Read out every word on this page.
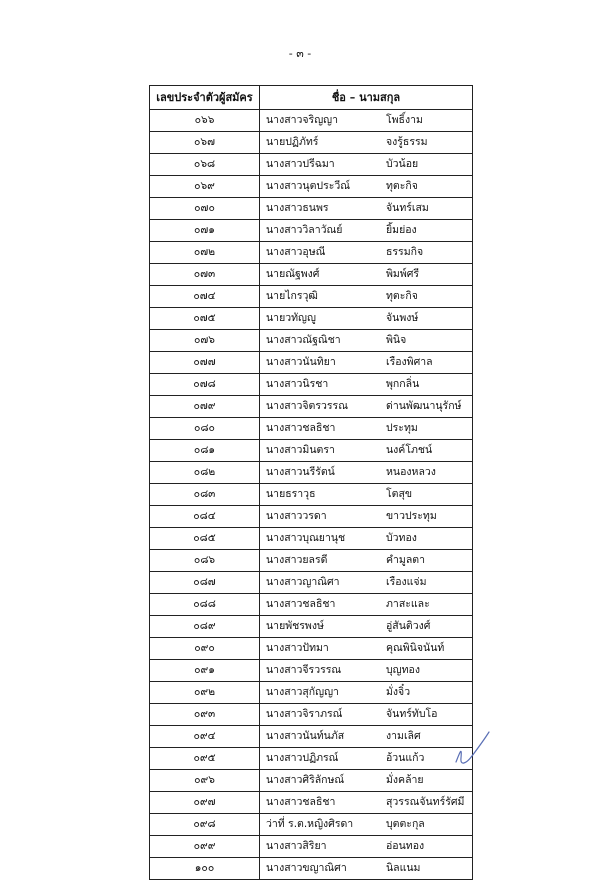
- ๓ -
เลขประจำตัวผู้สมัคร	ชื่อ – นามสกุล
๐๖๖	นางสาวจริญญา โพธิ์งาม
๐๖๗	นายปฏิภัทร์ จงรู้ธรรม
๐๖๘	นางสาวปรีฉมา บัวน้อย
๐๖๙	นางสาวนุตประวีณ์ ทุตะกิจ
๐๗๐	นางสาวธนพร จันทร์เสม
๐๗๑	นางสาววิลาวัณย์ ยิ้มย่อง
๐๗๒	นางสาวอุษณี ธรรมกิจ
๐๗๓	นายณัฐพงศ์ พิมพ์ศรี
๐๗๔	นายไกรวุฒิ ทุตะกิจ
๐๗๕	นายวทัญญู จันพงษ์
๐๗๖	นางสาวณัฐณิชา พินิจ
๐๗๗	นางสาวนันทิยา เรืองพิศาล
๐๗๘	นางสาวนิรชา พุกกลิ่น
๐๗๙	นางสาวจิตรวรรณ ด่านพัฒนานุรักษ์
๐๘๐	นางสาวชลธิชา ประทุม
๐๘๑	นางสาวมินตรา นงค์โภชน์
๐๘๒	นางสาวนรีรัตน์ หนองหลวง
๐๘๓	นายธราวุธ โตสุข
๐๘๔	นางสาววรดา ขาวประทุม
๐๘๕	นางสาวบุณยานุช บัวทอง
๐๘๖	นางสาวยลรดี คำมูลตา
๐๘๗	นางสาวญาณิศา เรืองแจ่ม
๐๘๘	นางสาวชลธิชา ภาสะและ
๐๘๙	นายพัชรพงษ์ อู่สันติวงศ์
๐๙๐	นางสาวปัทมา คุณพินิจนันท์
๐๙๑	นางสาวจีรวรรณ บุญทอง
๐๙๒	นางสาวสุกัญญา มั่งจิ๋ว
๐๙๓	นางสาวจิราภรณ์ จันทร์ทับโอ
๐๙๔	นางสาวนันท์นภัส งามเลิศ
๐๙๕	นางสาวปฏิภรณ์ อ้วนแก้ว
๐๙๖	นางสาวศิริลักษณ์ มั่งคล้าย
๐๙๗	นางสาวชลธิชา สุวรรณจันทร์รัศมี
๐๙๘	ว่าที่ ร.ต.หญิงศิรดา บุตตะกุล
๐๙๙	นางสาวสิริยา อ่อนทอง
๑๐๐	นางสาวขญาณิศา นิลแนม
